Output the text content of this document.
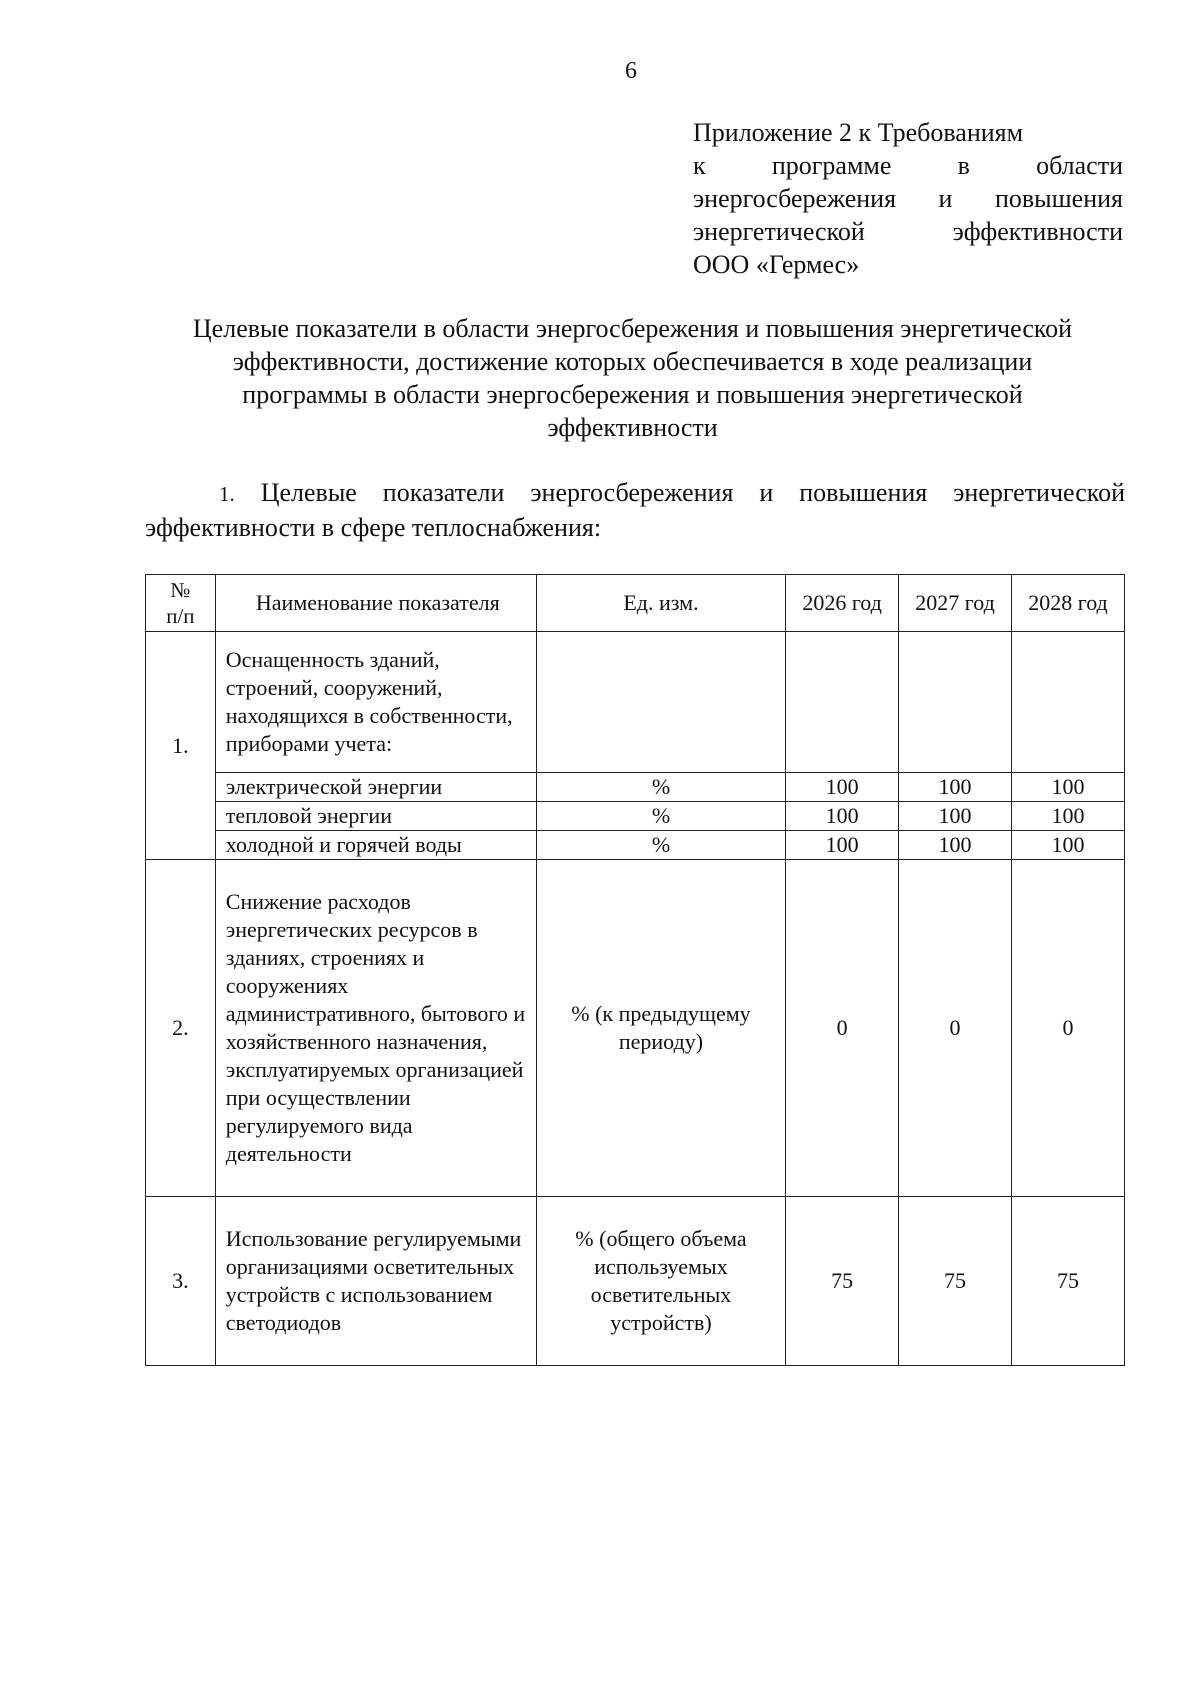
6
Приложение 2 к Требованиям
к программе в области
энергосбережения и повышения
энергетической эффективности
ООО «Гермес»
Целевые показатели в области энергосбережения и повышения энергетической
эффективности, достижение которых обеспечивается в ходе реализации
программы в области энергосбережения и повышения энергетической
эффективности
1. Целевые показатели энергосбережения и повышения энергетической
эффективности в сфере теплоснабжения:
№
п/п	Наименование показателя	Ед. изм.	2026 год	2027 год	2028 год
1.	Оснащенность зданий, строений, сооружений, находящихся в собственности, приборами учета:				
	электрической энергии	%	100	100	100
	тепловой энергии	%	100	100	100
	холодной и горячей воды	%	100	100	100
2.	Снижение расходов энергетических ресурсов в зданиях, строениях и сооружениях административного, бытового и хозяйственного назначения, эксплуатируемых организацией при осуществлении регулируемого вида деятельности	% (к предыдущему периоду)	0	0	0
3.	Использование регулируемыми организациями осветительных устройств с использованием светодиодов	% (общего объема используемых осветительных устройств)	75	75	75
